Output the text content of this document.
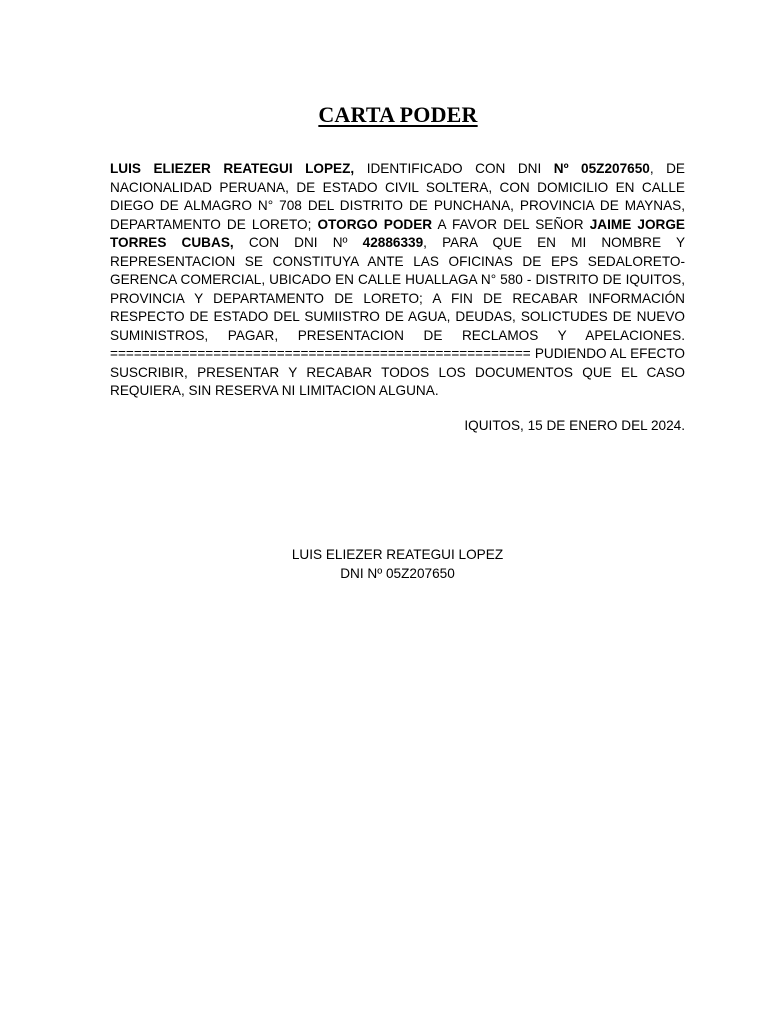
CARTA PODER
LUIS ELIEZER REATEGUI LOPEZ, IDENTIFICADO CON DNI Nº 05Z207650, DE NACIONALIDAD PERUANA, DE ESTADO CIVIL SOLTERA, CON DOMICILIO EN CALLE DIEGO DE ALMAGRO N° 708 DEL DISTRITO DE PUNCHANA, PROVINCIA DE MAYNAS, DEPARTAMENTO DE LORETO; OTORGO PODER A FAVOR DEL SEÑOR JAIME JORGE TORRES CUBAS, CON DNI Nº 42886339, PARA QUE EN MI NOMBRE Y REPRESENTACION SE CONSTITUYA ANTE LAS OFICINAS DE EPS SEDALORETO-GERENCA COMERCIAL, UBICADO EN CALLE HUALLAGA N° 580 - DISTRITO DE IQUITOS, PROVINCIA Y DEPARTAMENTO DE LORETO; A FIN DE RECABAR INFORMACIÓN RESPECTO DE ESTADO DEL SUMIISTRO DE AGUA, DEUDAS, SOLICTUDES DE NUEVO SUMINISTROS, PAGAR, PRESENTACION DE RECLAMOS Y APELACIONES. ===================================================== PUDIENDO AL EFECTO SUSCRIBIR, PRESENTAR Y RECABAR TODOS LOS DOCUMENTOS QUE EL CASO REQUIERA, SIN RESERVA NI LIMITACION ALGUNA.
IQUITOS, 15 DE ENERO DEL 2024.
LUIS ELIEZER REATEGUI LOPEZ
DNI Nº 05Z207650
